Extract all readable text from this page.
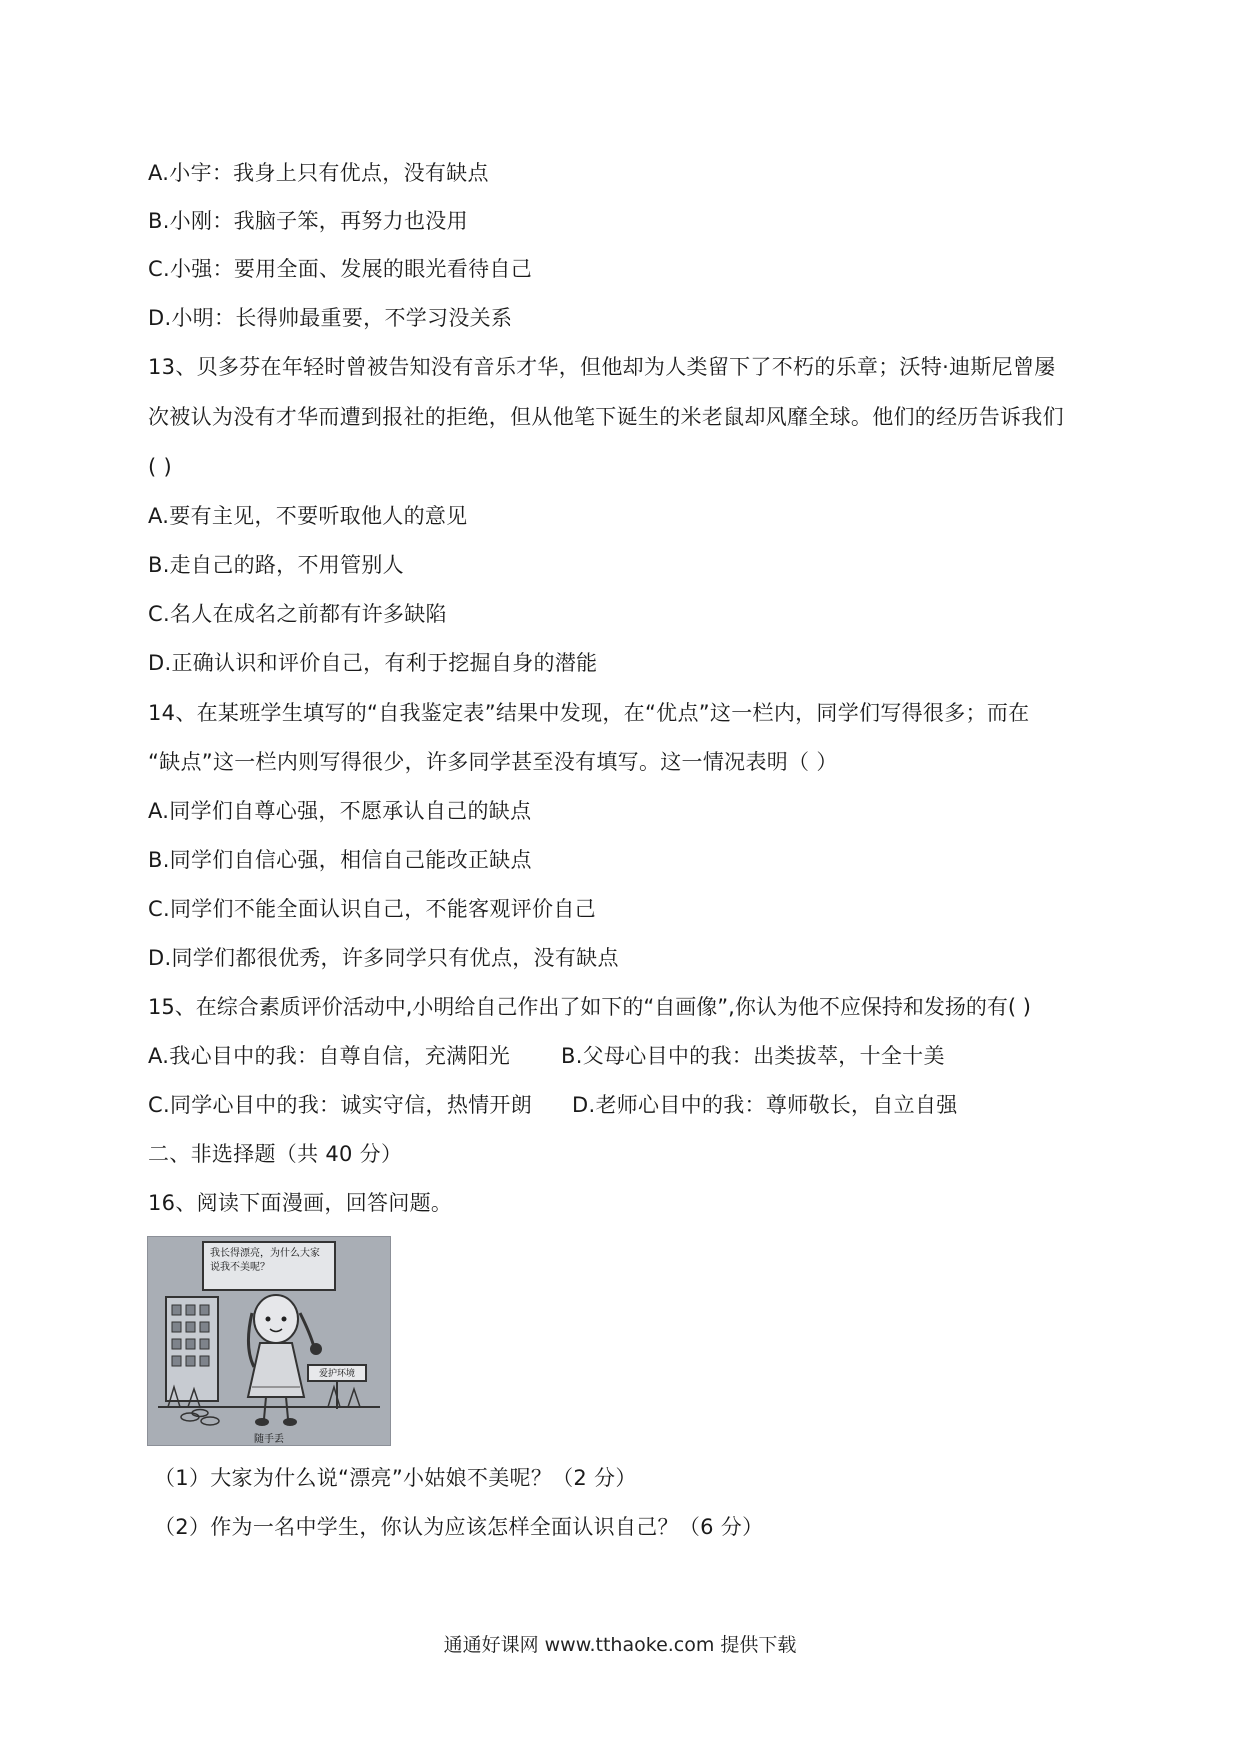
A.小宇：我身上只有优点，没有缺点
B.小刚：我脑子笨，再努力也没用
C.小强：要用全面、发展的眼光看待自己
D.小明：长得帅最重要，不学习没关系
13、贝多芬在年轻时曾被告知没有音乐才华，但他却为人类留下了不朽的乐章；沃特·迪斯尼曾屡
次被认为没有才华而遭到报社的拒绝，但从他笔下诞生的米老鼠却风靡全球。他们的经历告诉我们
( )
A.要有主见，不要听取他人的意见
B.走自己的路，不用管别人
C.名人在成名之前都有许多缺陷
D.正确认识和评价自己，有利于挖掘自身的潜能
14、在某班学生填写的“自我鉴定表”结果中发现，在“优点”这一栏内，同学们写得很多；而在
“缺点”这一栏内则写得很少，许多同学甚至没有填写。这一情况表明（ ）
A.同学们自尊心强，不愿承认自己的缺点
B.同学们自信心强，相信自己能改正缺点
C.同学们不能全面认识自己，不能客观评价自己
D.同学们都很优秀，许多同学只有优点，没有缺点
15、在综合素质评价活动中,小明给自己作出了如下的“自画像”,你认为他不应保持和发扬的有( )
A.我心目中的我：自尊自信，充满阳光 B.父母心目中的我：出类拔萃，十全十美
C.同学心目中的我：诚实守信，热情开朗 D.老师心目中的我：尊师敬长，自立自强
二、非选择题（共 40 分）
16、阅读下面漫画，回答问题。
我长得漂亮，为什么大家说我不美呢？
爱护环境
随手丢
（1）大家为什么说“漂亮”小姑娘不美呢？（2 分）
（2）作为一名中学生，你认为应该怎样全面认识自己？（6 分）
通通好课网 www.tthaoke.com 提供下载
